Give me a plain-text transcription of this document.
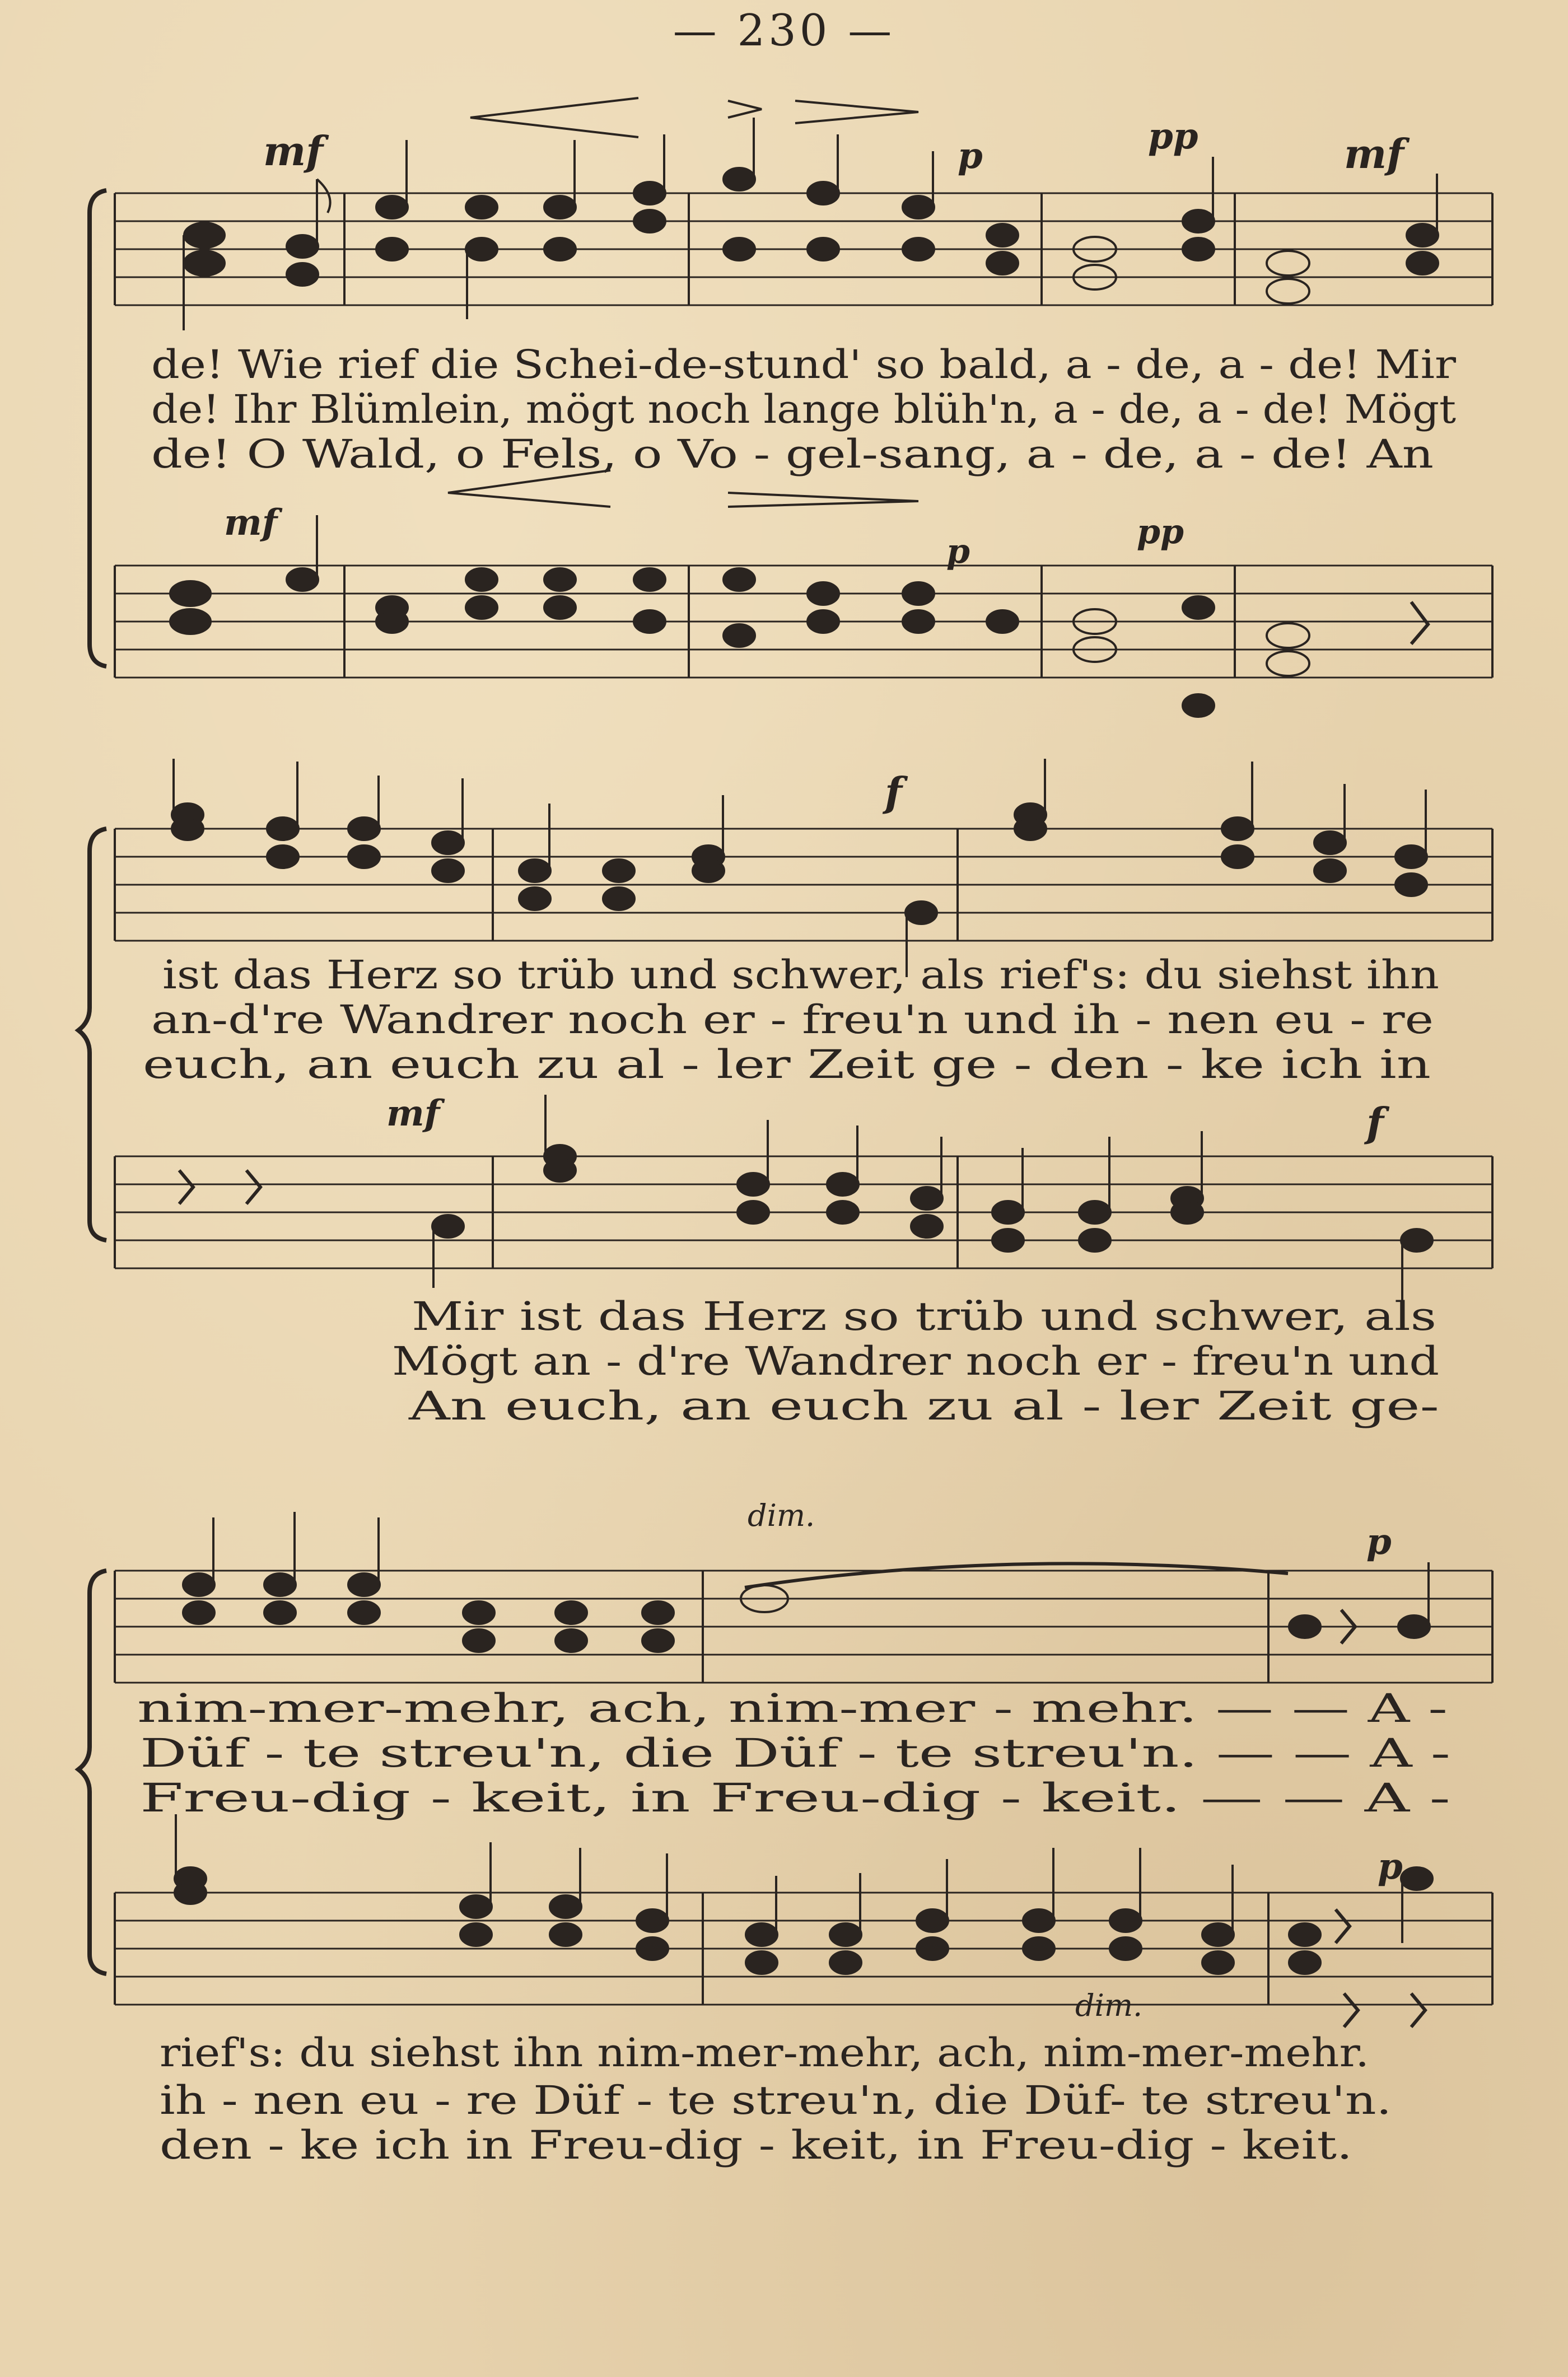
— 230 —
mf	p	pp	mf
de! Wie rief die Schei-de-stund' so bald, a - de, a - de! Mir
de! Ihr Blümlein, mögt noch lange blüh'n, a - de, a - de! Mögt
de! O Wald, o Fels, o Vo - gel-sang, a - de, a - de! An
mf
p	pp
f
ist das Herz so trüb und schwer, als rief's: du siehst ihn
an-d're Wandrer noch er - freu'n und ih - nen eu - re
euch, an euch zu al - ler Zeit ge - den - ke ich in
mf	f
Mir ist das Herz so trüb und schwer, als
Mögt an - d're Wandrer noch er - freu'n und
An euch, an euch zu al - ler Zeit ge-
dim.
p
nim-mer-mehr, ach, nim-mer - mehr. — — A -
Düf - te streu'n, die Düf - te streu'n. — — A -
Freu-dig - keit, in Freu-dig - keit. — — A -
p
dim.
rief's: du siehst ihn nim-mer-mehr, ach, nim-mer-mehr.
ih - nen eu - re Düf - te streu'n, die Düf- te streu'n.
den - ke ich in Freu-dig - keit, in Freu-dig - keit.
